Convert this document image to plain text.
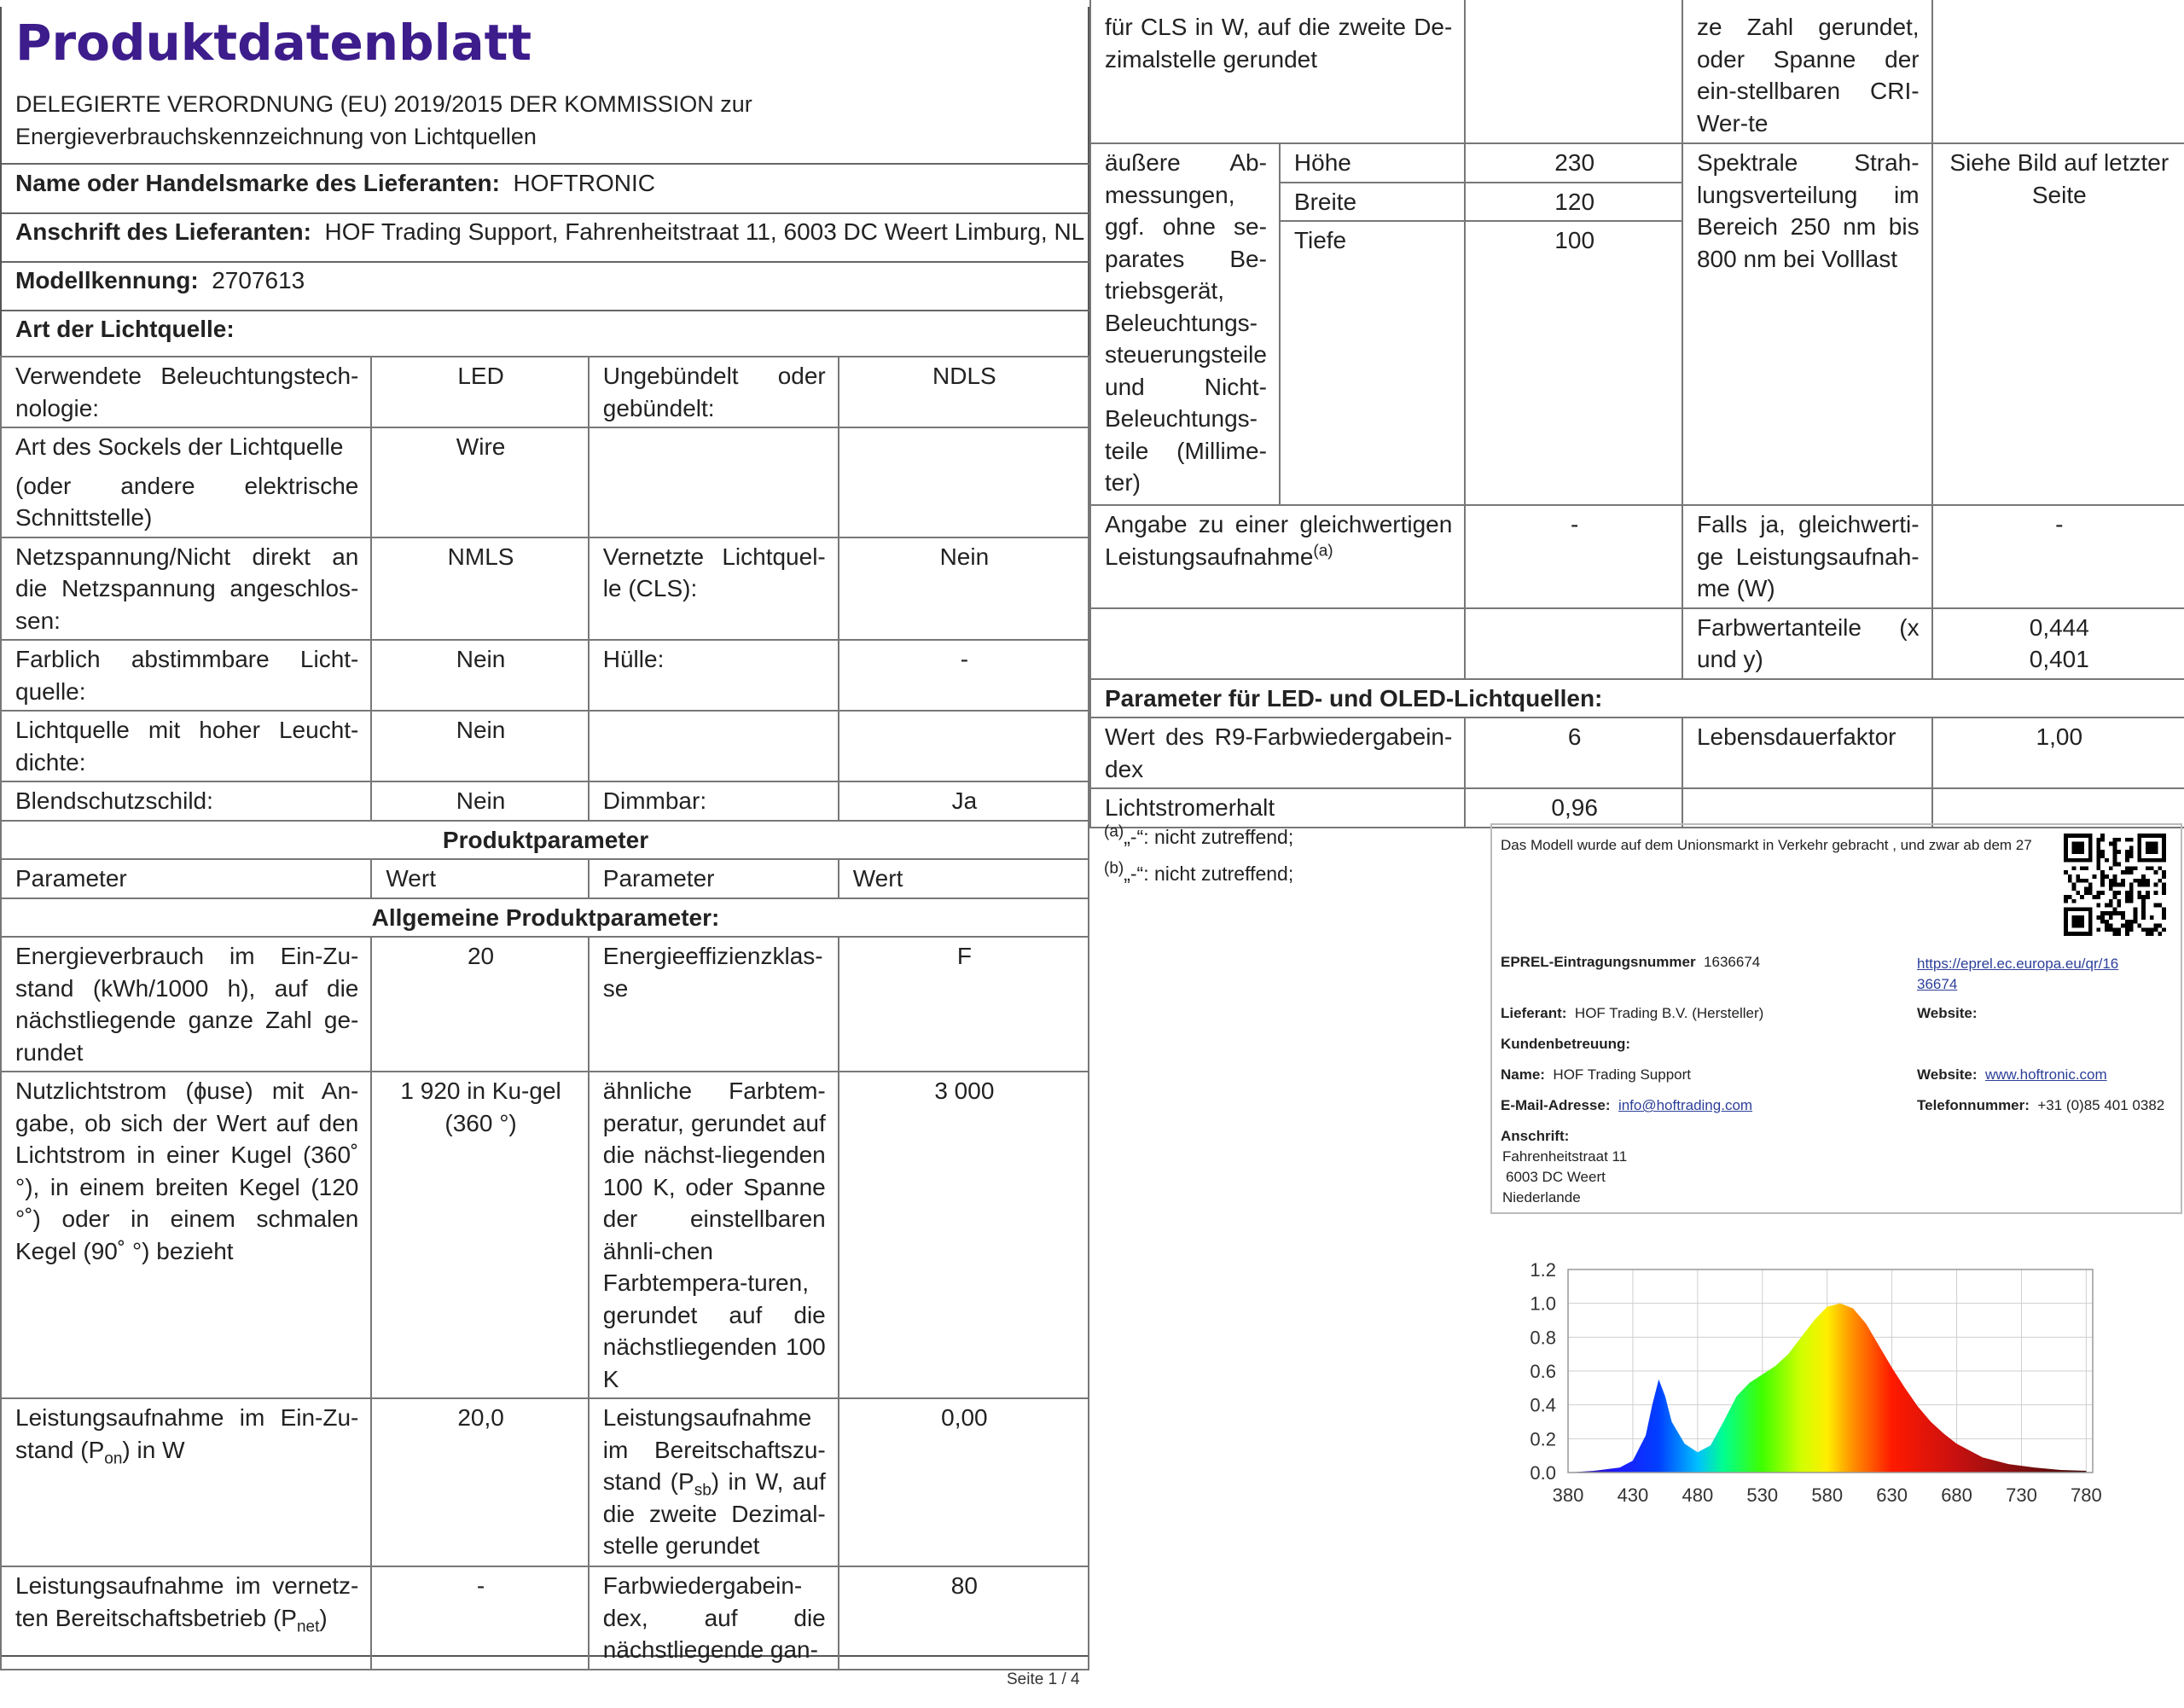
Produktdatenblatt
DELEGIERTE VERORDNUNG (EU) 2019/2015 DER KOMMISSION zur Energieverbrauchskennzeichnung von Lichtquellen
Name oder Handelsmarke des Lieferanten: HOFTRONIC
Anschrift des Lieferanten: HOF Trading Support, Fahrenheitstraat 11, 6003 DC Weert Limburg, NL
Modellkennung: 2707613
Art der Lichtquelle:
Verwendete Beleuchtungstech-nologie:	LED	Ungebündelt oder gebündelt:	NDLS

Art des Sockels der Lichtquelle
(oder andere elektrische Schnittstelle)	Wire		
Netzspannung/Nicht direkt an die Netzspannung angeschlos-sen:	NMLS	Vernetzte Lichtquel-le (CLS):	Nein
Farblich abstimmbare Licht-quelle:	Nein	Hülle:	-
Lichtquelle mit hoher Leucht-dichte:	Nein		
Blendschutzschild:	Nein	Dimmbar:	Ja
Produktparameter			
Parameter	Wert	Parameter	Wert
Allgemeine Produktparameter:			
Energieverbrauch im Ein-Zu-stand (kWh/1000 h), auf die nächstliegende ganze Zahl ge-rundet	20	Energieeffizienzklas-se	F
Nutzlichtstrom (ɸuse) mit An-gabe, ob sich der Wert auf den Lichtstrom in einer Kugel (360˚ °), in einem breiten Kegel (120 °˚) oder in einem schmalen Kegel (90˚ °) bezieht	1 920 in Ku-gel (360 °)	ähnliche Farbtem-peratur, gerundet auf die nächst-liegenden 100 K, oder Spanne der einstellbaren ähnli-chen Farbtempera-turen, gerundet auf die nächstliegenden 100 K	3 000
Leistungsaufnahme im Ein-Zu-stand $(P_{on})$ in W	20,0	Leistungsaufnahme im Bereitschaftszu-stand $(P_{sb})$ in W, auf die zweite Dezimal-stelle gerundet	0,00
Leistungsaufnahme im vernetz-ten Bereitschaftsbetrieb $(P_{net})$	-	Farbwiedergabein-dex, auf die nächstliegende gan-	80
für CLS in W, auf die zweite De-zimalstelle gerundet			ze Zahl gerundet, oder Spanne der ein-stellbaren CRI-Wer-te	
äußere Ab-messungen, ggf. ohne se-parates Be-triebsgerät, Beleuchtungs-steuerungsteile und Nicht-Beleuchtungs-teile (Millime-ter)	Höhe	230	Spektrale Strah-lungsverteilung im Bereich 250 nm bis 800 nm bei Volllast	Siehe Bild auf letzter Seite
	Breite	120		
	Tiefe	100		
Angabe zu einer gleichwertigen Leistungsaufnahme$^{(a)}$		-	Falls ja, gleichwerti-ge Leistungsaufnah-me (W)	-
			Farbwertanteile (x und y)	0,444
0,401

Parameter für LED- und OLED-Lichtquellen:				
Wert des R9-Farbwiedergabein-dex		6	Lebensdauerfaktor	1,00
Lichtstromerhalt		0,96		
$^{(a)}$„-“: nicht zutreffend;
$^{(b)}$„-“: nicht zutreffend;
Das Modell wurde auf dem Unionsmarkt in Verkehr gebracht , und zwar ab dem 27
EPREL-Eintragungsnummer 1636674	https://eprel.ec.europa.eu/qr/16
36674
Lieferant: HOF Trading B.V. (Hersteller)	Website:
Kundenbetreuung:
Name: HOF Trading Support	Website: www.hoftronic.com
E-Mail-Adresse: info@hoftrading.com	Telefonnummer: +31 (0)85 401 0382
Anschrift:
Fahrenheitstraat 11
6003 DC Weert
Niederlande
0.0
0.2
0.4
0.6
0.8
1.0
1.2
380 430 480 530 580 630 680 730 780
Seite 1 / 4
